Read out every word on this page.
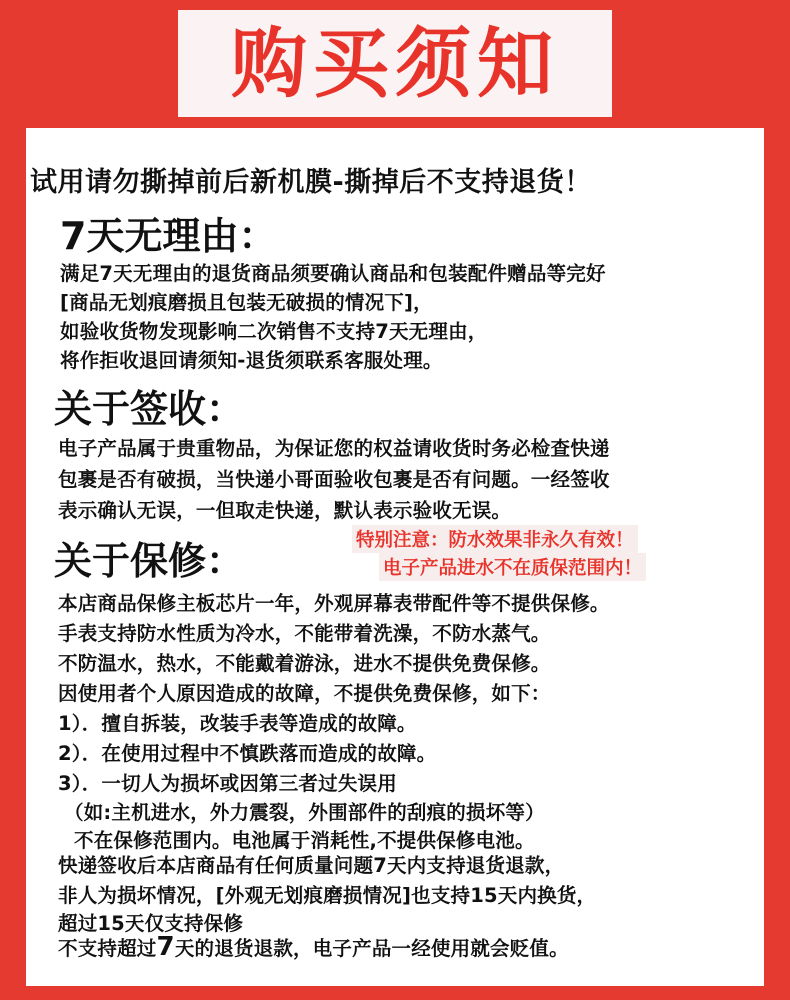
购买须知
试用请勿撕掉前后新机膜-撕掉后不支持退货！
7天无理由：
满足7天无理由的退货商品须要确认商品和包装配件赠品等完好
[商品无划痕磨损且包装无破损的情况下]，
如验收货物发现影响二次销售不支持7天无理由，
将作拒收退回请须知-退货须联系客服处理。
关于签收：
电子产品属于贵重物品，为保证您的权益请收货时务必检查快递
包裹是否有破损，当快递小哥面验收包裹是否有问题。一经签收
表示确认无误，一但取走快递，默认表示验收无误。
关于保修：	特别注意：防水效果非永久有效！
电子产品进水不在质保范围内！
本店商品保修主板芯片一年，外观屏幕表带配件等不提供保修。
手表支持防水性质为冷水，不能带着洗澡，不防水蒸气。
不防温水，热水，不能戴着游泳，进水不提供免费保修。
因使用者个人原因造成的故障，不提供免费保修，如下：
1）．擅自拆装，改装手表等造成的故障。
2）．在使用过程中不慎跌落而造成的故障。
3）．一切人为损坏或因第三者过失误用
（如:主机进水，外力震裂，外围部件的刮痕的损坏等）
不在保修范围内。电池属于消耗性,不提供保修电池。
快递签收后本店商品有任何质量问题7天内支持退货退款，
非人为损坏情况，[外观无划痕磨损情况]也支持15天内换货，
超过15天仅支持保修
不支持超过7天的退货退款，电子产品一经使用就会贬值。
